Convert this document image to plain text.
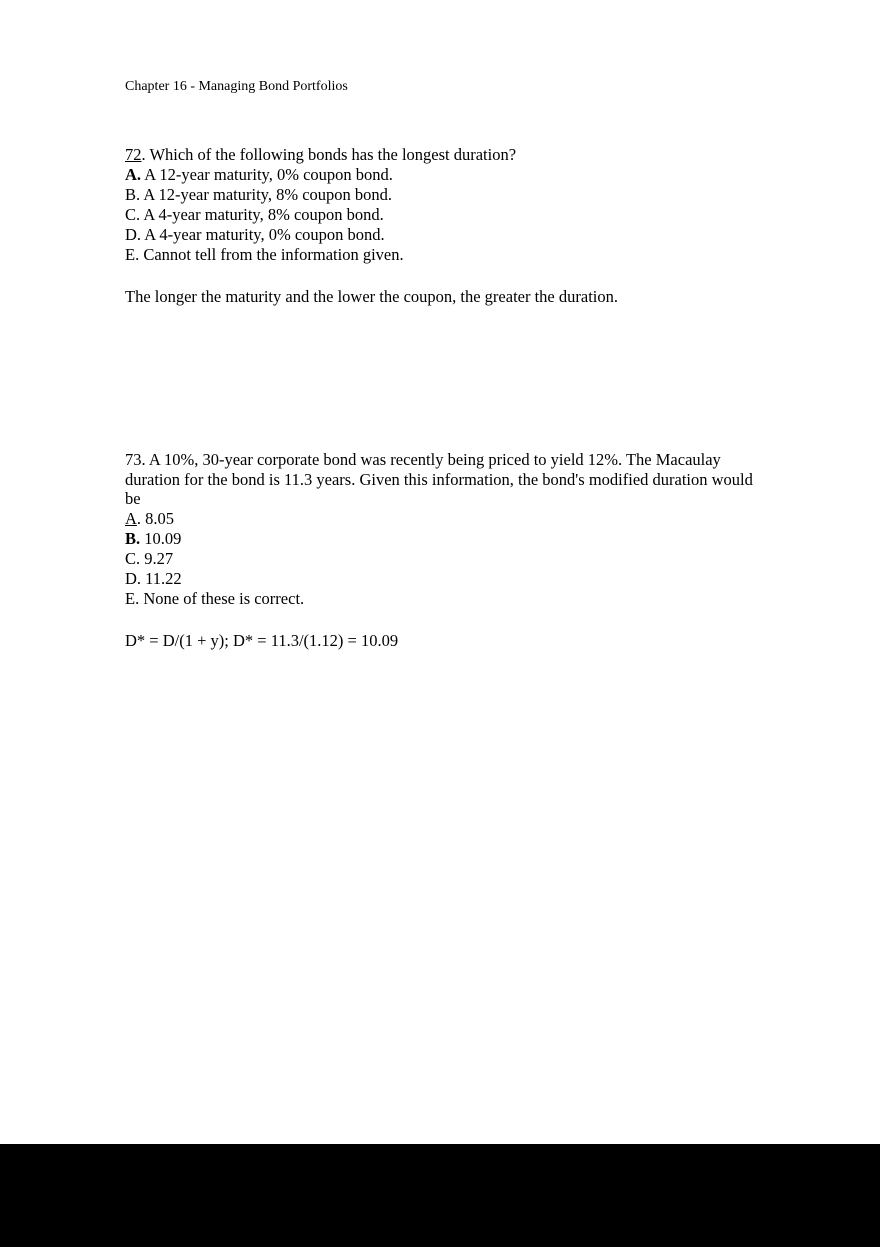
Chapter 16 - Managing Bond Portfolios
72. Which of the following bonds has the longest duration?
A. A 12-year maturity, 0% coupon bond.
B. A 12-year maturity, 8% coupon bond.
C. A 4-year maturity, 8% coupon bond.
D. A 4-year maturity, 0% coupon bond.
E. Cannot tell from the information given.
The longer the maturity and the lower the coupon, the greater the duration.
73. A 10%, 30-year corporate bond was recently being priced to yield 12%. The Macaulay duration for the bond is 11.3 years. Given this information, the bond's modified duration would be
A. 8.05
B. 10.09
C. 9.27
D. 11.22
E. None of these is correct.
D* = D/(1 + y); D* = 11.3/(1.12) = 10.09
